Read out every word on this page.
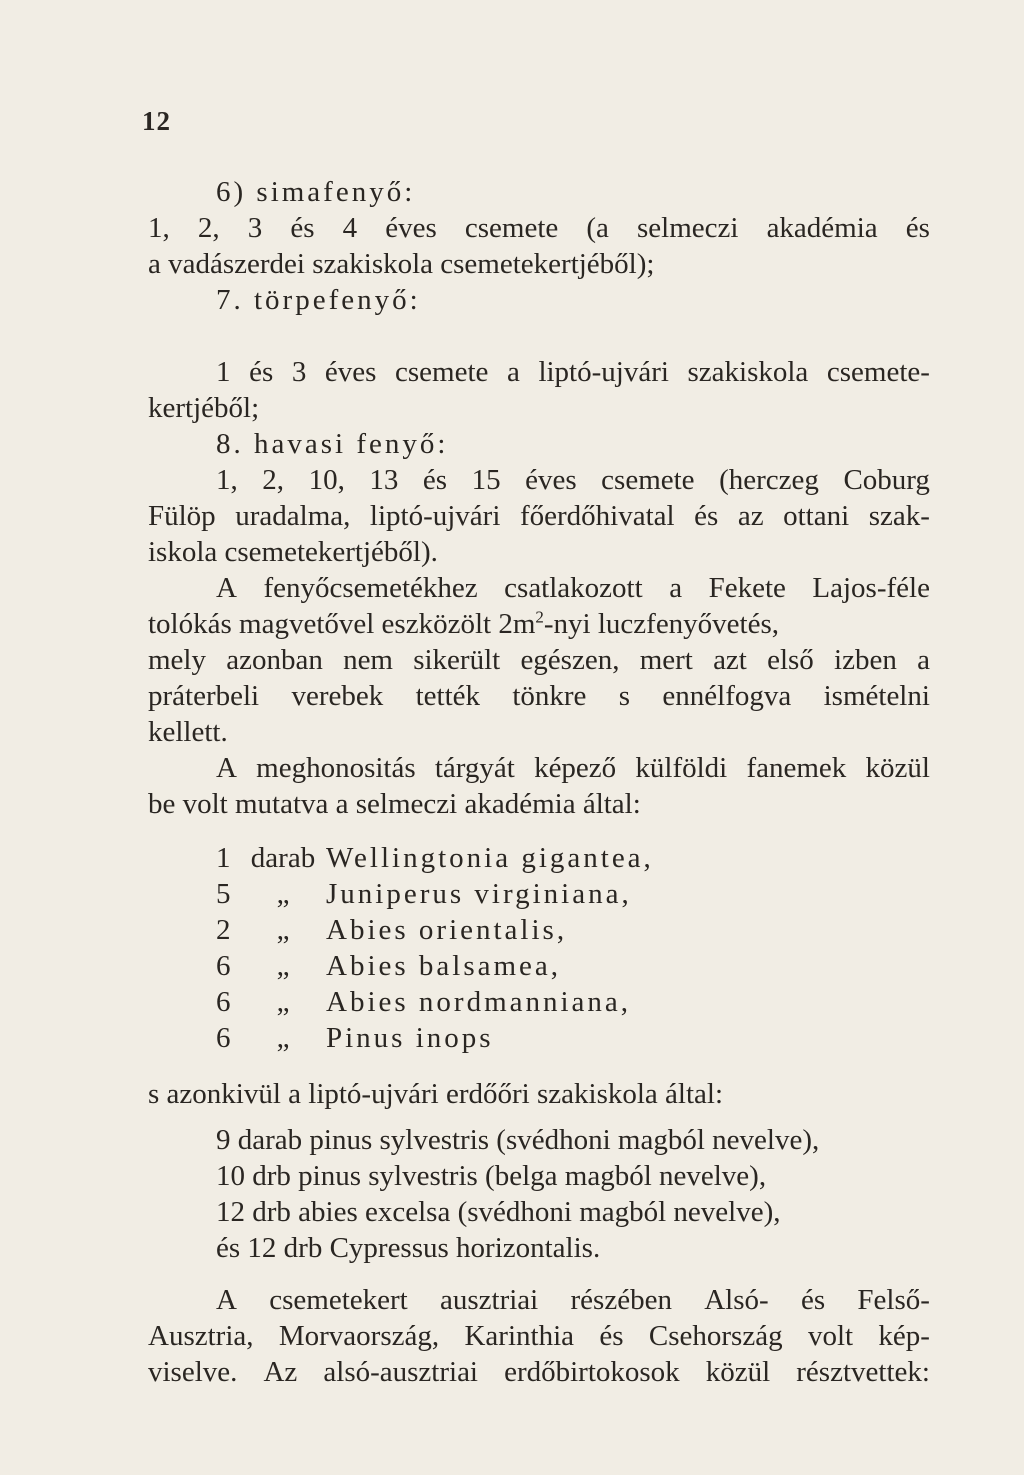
12
6) simafenyő:
1, 2, 3 és 4 éves csemete (a selmeczi akadémia és
a vadászerdei szakiskola csemetekertjéből);
7. törpefenyő:
1 és 3 éves csemete a liptó-ujvári szakiskola csemete-
kertjéből;
8. havasi fenyő:
1, 2, 10, 13 és 15 éves csemete (herczeg Coburg
Fülöp uradalma, liptó-ujvári főerdőhivatal és az ottani szak-
iskola csemetekertjéből).
A fenyőcsemetékhez csatlakozott a Fekete Lajos-féle
tolókás magvetővel eszközölt $2m^2$-nyi luczfenyővetés,
mely azonban nem sikerült egészen, mert azt első izben a
práterbeli verebek tették tönkre s ennélfogva ismételni
kellett.
A meghonositás tárgyát képező külföldi fanemek közül
be volt mutatva a selmeczi akadémia által:
1 darab Wellingtonia gigantea,
5 „ Juniperus virginiana,
2 „ Abies orientalis,
6 „ Abies balsamea,
6 „ Abies nordmanniana,
6 „ Pinus inops
s azonkivül a liptó-ujvári erdőőri szakiskola által:
9 darab pinus sylvestris (svédhoni magból nevelve),
10 drb pinus sylvestris (belga magból nevelve),
12 drb abies excelsa (svédhoni magból nevelve),
és 12 drb Cypressus horizontalis.
A csemetekert ausztriai részében Alsó- és Felső-
Ausztria, Morvaország, Karinthia és Csehország volt kép-
viselve. Az alsó-ausztriai erdőbirtokosok közül résztvettek:
